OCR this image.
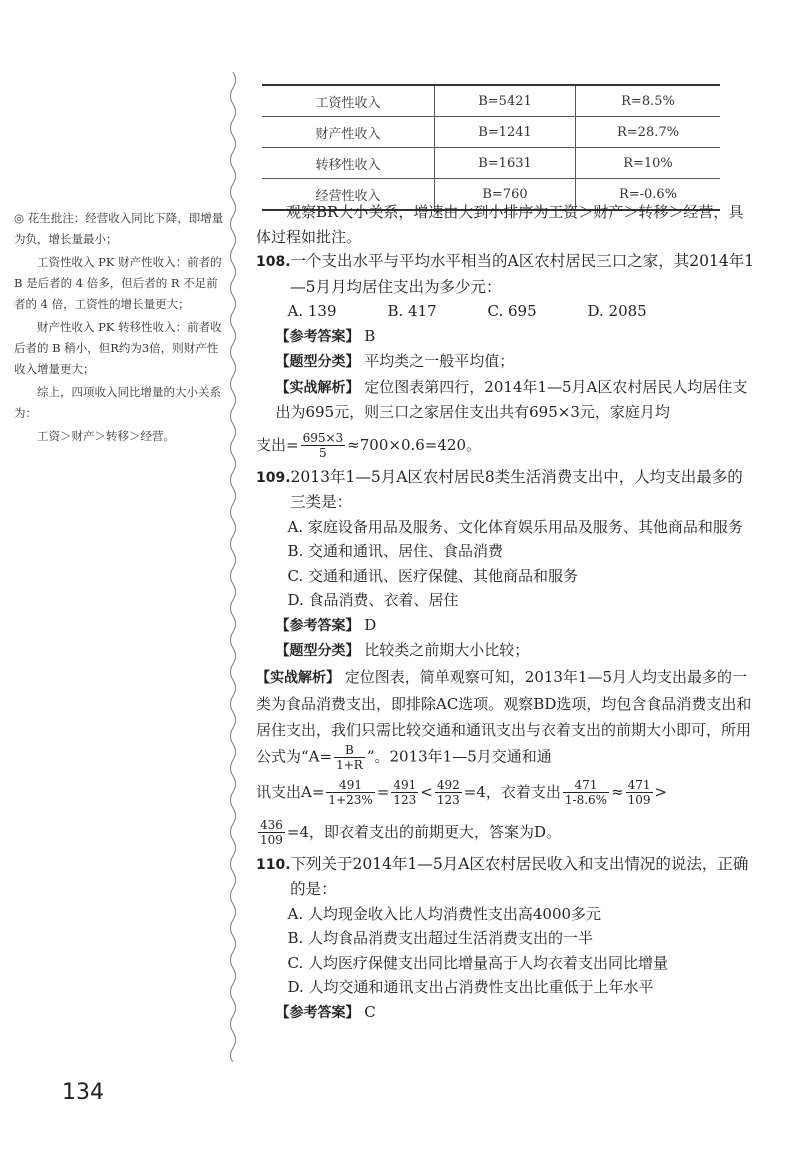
工资性收入	B=5421	R=8.5%
财产性收入	B=1241	R=28.7%
转移性收入	B=1631	R=10%
经营性收入	B=760	R=-0.6%

◎ 花生批注：经营收入同比下降，即增量为负，增长量最小；

工资性收入 PK 财产性收入：前者的 B 是后者的 4 倍多，但后者的 R 不足前者的 4 倍，工资性的增长量更大；

财产性收入 PK 转移性收入：前者收后者的 B 稍小，但R约为3倍，则财产性收入增量更大；

综上，四项收入同比增量的大小关系为：

工资＞财产＞转移＞经营。

观察BR大小关系，增速由大到小排序为工资＞财产＞转移＞经营，具体过程如批注。

108.一个支出水平与平均水平相当的A区农村居民三口之家，其2014年1—5月月均居住支出为多少元：

A. 139	B. 417	C. 695	D. 2085

【参考答案】 B

【题型分类】 平均类之一般平均值；

【实战解析】 定位图表第四行，2014年1—5月A区农村居民人均居住支出为695元，则三口之家居住支出共有695×3元，家庭月均

支出= $\frac{695\times 3}{5} \approx 700\times 0.6=420$。

109.2013年1—5月A区农村居民8类生活消费支出中，人均支出最多的三类是：

A. 家庭设备用品及服务、文化体育娱乐用品及服务、其他商品和服务

B. 交通和通讯、居住、食品消费

C. 交通和通讯、医疗保健、其他商品和服务

D. 食品消费、衣着、居住

【参考答案】 D

【题型分类】 比较类之前期大小比较；

【实战解析】 定位图表，简单观察可知，2013年1—5月人均支出最多的一类为食品消费支出，即排除AC选项。观察BD选项，均包含食品消费支出和居住支出，我们只需比较交通和通讯支出与衣着支出的前期大小即可，所用公式为“$A= \frac{B}{1+R}$ ”。2013年1—5月交通和通

讯支出$A= \frac{491}{1+23\%} = \frac{491}{123} < \frac{492}{123} =4$，衣着支出 $\frac{471}{1-8.6\%} \approx \frac{471}{109}$ >

$\frac{436}{109} =4$，即衣着支出的前期更大，答案为D。

110.下列关于2014年1—5月A区农村居民收入和支出情况的说法，正确的是：

A. 人均现金收入比人均消费性支出高4000多元

B. 人均食品消费支出超过生活消费支出的一半

C. 人均医疗保健支出同比增量高于人均衣着支出同比增量

D. 人均交通和通讯支出占消费性支出比重低于上年水平

【参考答案】 C

134
